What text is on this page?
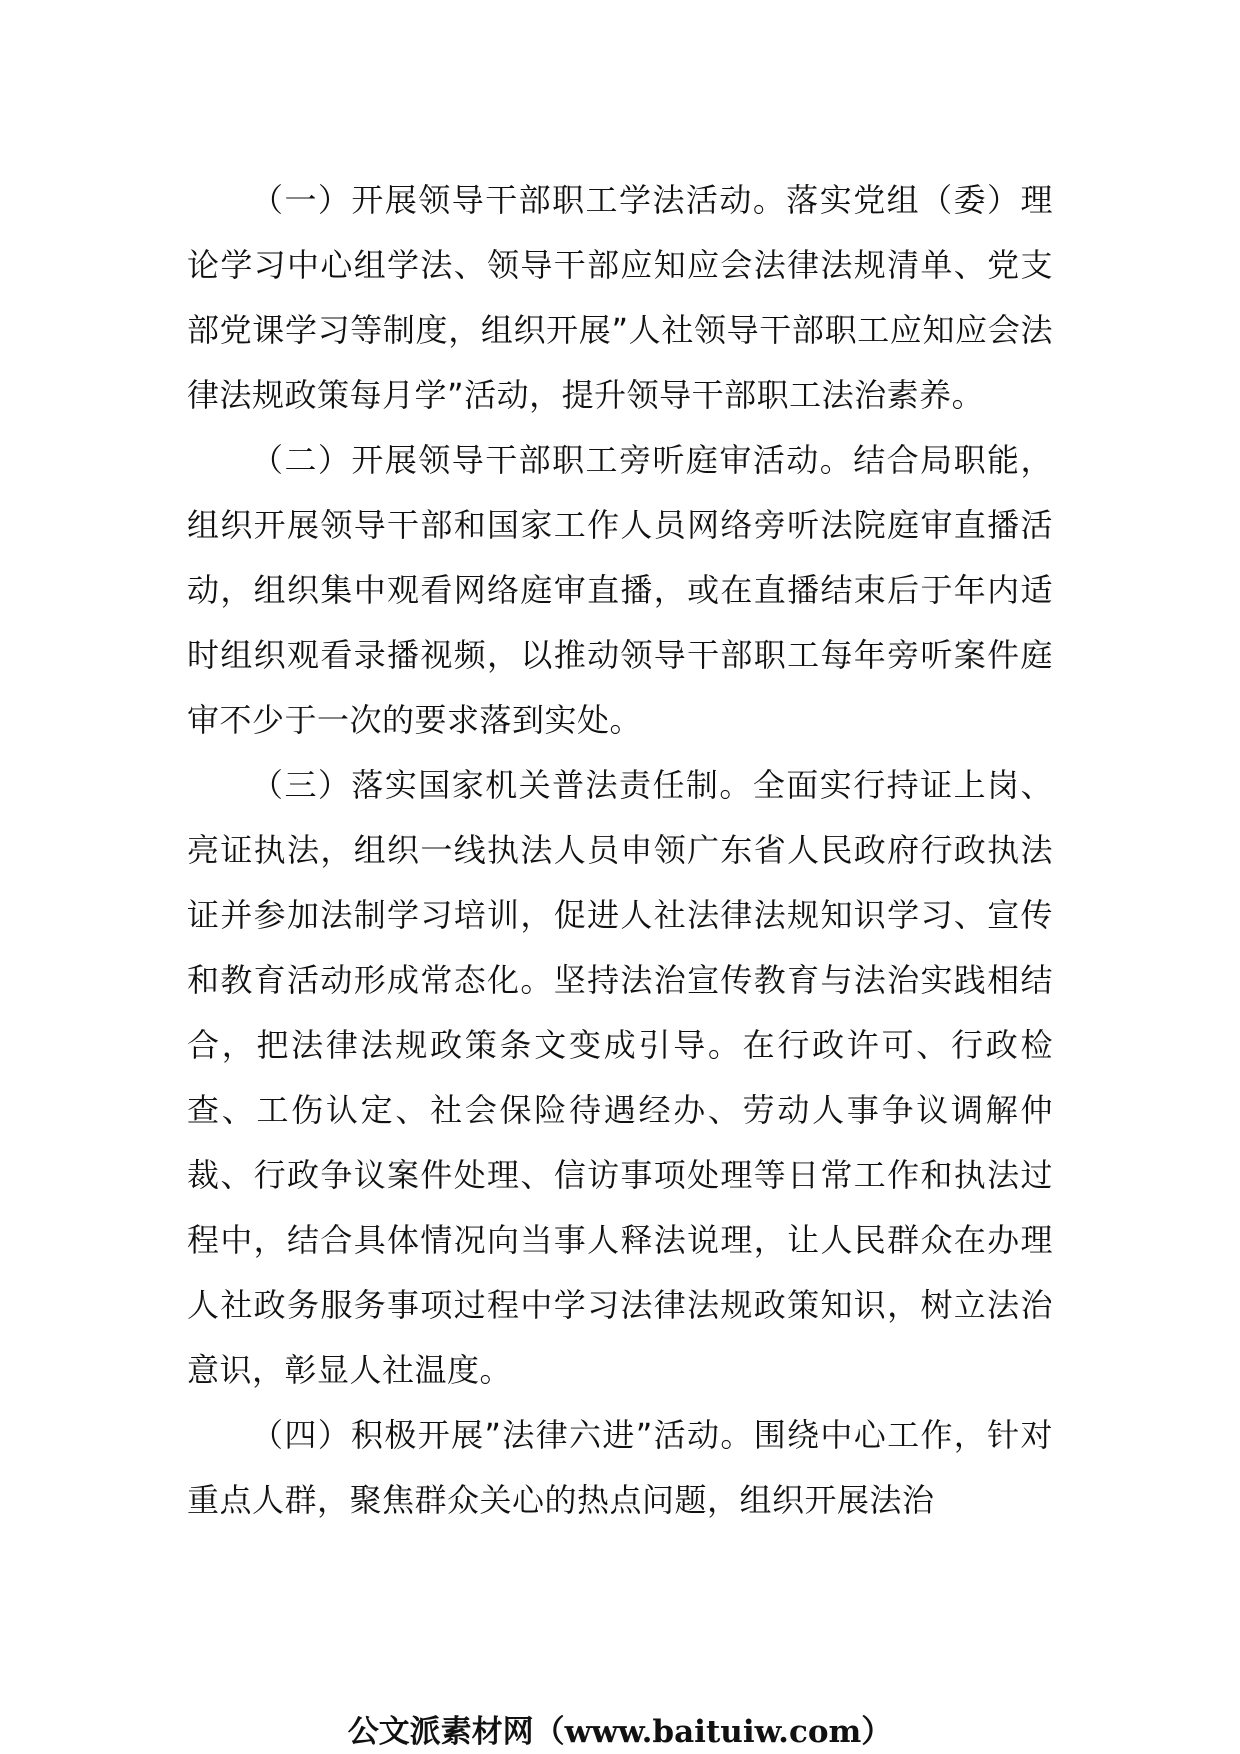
（一）开展领导干部职工学法活动。落实党组（委）理论学习中心组学法、领导干部应知应会法律法规清单、党支部党课学习等制度，组织开展”人社领导干部职工应知应会法律法规政策每月学”活动，提升领导干部职工法治素养。

（二）开展领导干部职工旁听庭审活动。结合局职能，组织开展领导干部和国家工作人员网络旁听法院庭审直播活动，组织集中观看网络庭审直播，或在直播结束后于年内适时组织观看录播视频，以推动领导干部职工每年旁听案件庭审不少于一次的要求落到实处。

（三）落实国家机关普法责任制。全面实行持证上岗、亮证执法，组织一线执法人员申领广东省人民政府行政执法证并参加法制学习培训，促进人社法律法规知识学习、宣传和教育活动形成常态化。坚持法治宣传教育与法治实践相结合，把法律法规政策条文变成引导。在行政许可、行政检查、工伤认定、社会保险待遇经办、劳动人事争议调解仲裁、行政争议案件处理、信访事项处理等日常工作和执法过程中，结合具体情况向当事人释法说理，让人民群众在办理人社政务服务事项过程中学习法律法规政策知识，树立法治意识，彰显人社温度。

（四）积极开展”法律六进”活动。围绕中心工作，针对重点人群，聚焦群众关心的热点问题，组织开展法治

公文派素材网（www.baituiw.com）
